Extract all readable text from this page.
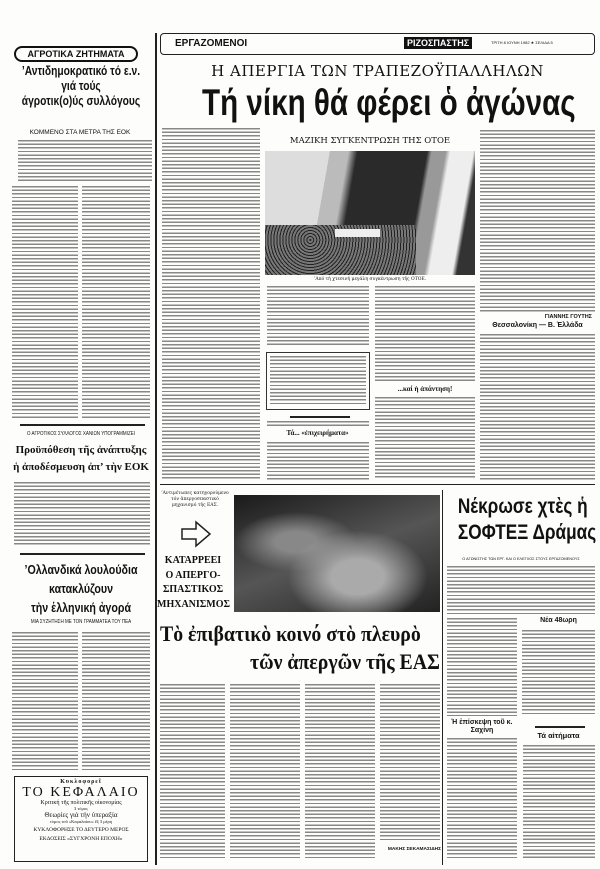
ΑΓΡΟΤΙΚΑ ΖΗΤΗΜΑΤΑ
’Αντιδημοκρατικό τό ε.ν.
γιά τούς
άγροτικ(ο)ύς συλλόγους
ΚΟΜΜΕΝΟ ΣΤΑ ΜΕΤΡΑ ΤΗΣ ΕΟΚ
Ο ΑΓΡΟΤΙΚΟΣ ΣΥΛΛΟΓΟΣ ΧΑΝΙΩΝ ΥΠΟΓΡΑΜΜΙΖΕΙ
Προϋπόθεση τῆς ἀνάπτυξης
ἡ ἀποδέσμευση ἀπ’ τὴν ΕΟΚ
’Ολλανδικά λουλούδια
κατακλύζουν
τὴν ἑλληνική ἀγορά
ΜΙΑ ΣΥΖΗΤΗΣΗ ΜΕ ΤΟΝ ΓΡΑΜΜΑΤΕΑ ΤΟΥ ΠΕΑ
Κυκλοφορεῖ
ΤΟ ΚΕΦΑΛΑΙΟ
Κριτική τῆς πολιτικῆς οἰκονομίας
3 τόμος
Θεωρίες γιά τήν ὑπεραξία
τόμος τοῦ «Κεφαλαίου» ἔξ 3 μέρη
ΚΥΚΛΟΦΟΡΗΣΕ ΤΟ ΔΕΥΤΕΡΟ ΜΕΡΟΣ
ΕΚΔΟΣΕΙΣ «ΣΥΓΧΡΟΝΗ ΕΠΟΧΗ»
ΕΡΓΑΖΟΜΕΝΟΙ	ΡΙΖΟΣΠΑΣΤΗΣ	ΤΡΙΤΗ 8 ΙΟΥΝΗ 1982 ★ ΣΕΛΙΔΑ 5
Η ΑΠΕΡΓΙΑ ΤΩΝ ΤΡΑΠΕΖΟΫΠΑΛΛΗΛΩΝ
Τή νίκη θά φέρει ὁ ἀγώνας
ΜΑΖΙΚΗ ΣΥΓΚΕΝΤΡΩΣΗ ΤΗΣ ΟΤΟΕ
’Από τή χτεσινή μεγάλη συγκέντρωση τῆς ΟΤΟΕ.
Τά... «ἐπιχειρήματα»
...καί ἡ ἀπάντηση!
ΓΙΑΝΝΗΣ ΓΟΥΤΗΣ
Θεσσαλονίκη — Β. Ἑλλάδα
’Αντιμέτωπες κατηγορούμενο τόν ἀπεργοσπαστικό μηχανισμό τῆς ΕΑΣ.
ΚΑΤΑΡΡΕΕΙ
Ο ΑΠΕΡΓΟ-
ΣΠΑΣΤΙΚΟΣ
ΜΗΧΑΝΙΣΜΟΣ
Τὸ ἐπιβατικὸ κοινό στὸ πλευρὸ
τῶν ἀπεργῶν τῆς ΕΑΣ
ΜΑΚΗΣ ΣΕΚΑΜΑΣΙΔΗΣ
Νέκρωσε χτὲς ἡ
ΣΟΦΤΕΞ Δράμας
Ο ΑΓΩΝΙΣΤΗΣ ΤΩΝ ΕΡΓ. ΚΑΙ Ο ΕΛΕΓΧΟΣ ΣΤΟΥΣ ΕΡΓΑΖΟΜΕΝΟΥΣ
Νέα 48ωρη
Ἡ ἐπίσκεψη τοῦ κ. Σαχίνη
Τά αἰτήματα
